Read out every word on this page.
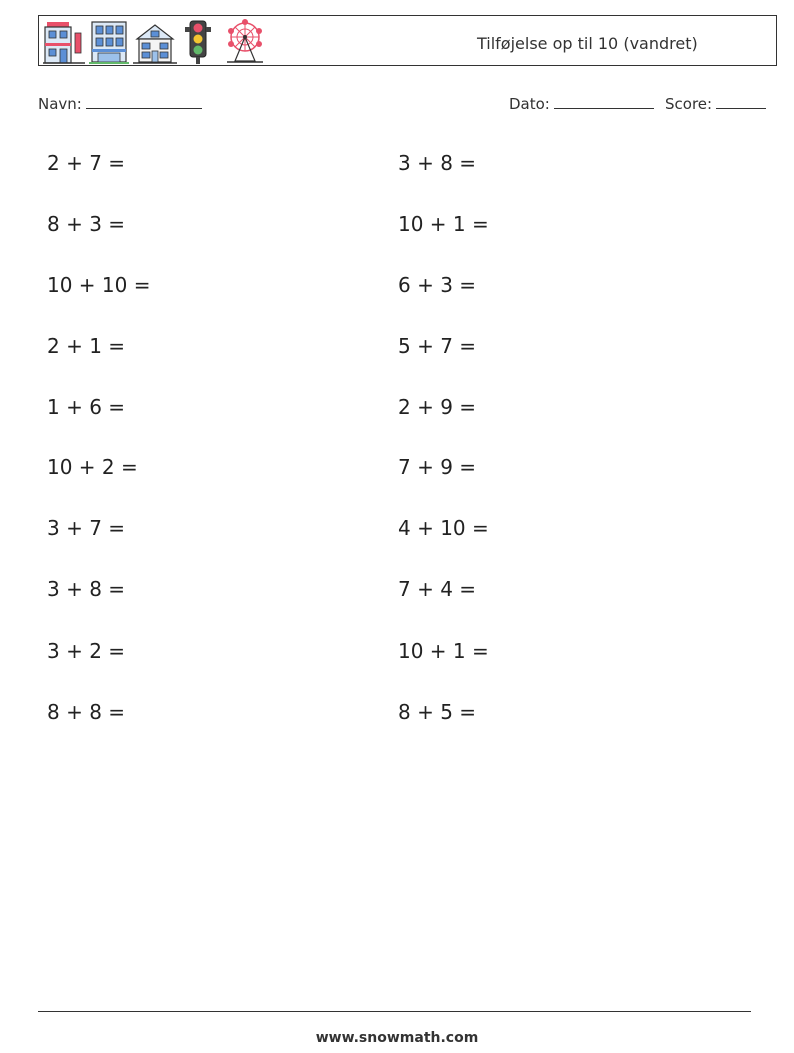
Tilføjelse op til 10 (vandret)
Navn:	Dato:	Score:
2 + 7 =
8 + 3 =
10 + 10 =
2 + 1 =
1 + 6 =
10 + 2 =
3 + 7 =
3 + 8 =
3 + 2 =
8 + 8 =
3 + 8 =
10 + 1 =
6 + 3 =
5 + 7 =
2 + 9 =
7 + 9 =
4 + 10 =
7 + 4 =
10 + 1 =
8 + 5 =
www.snowmath.com
